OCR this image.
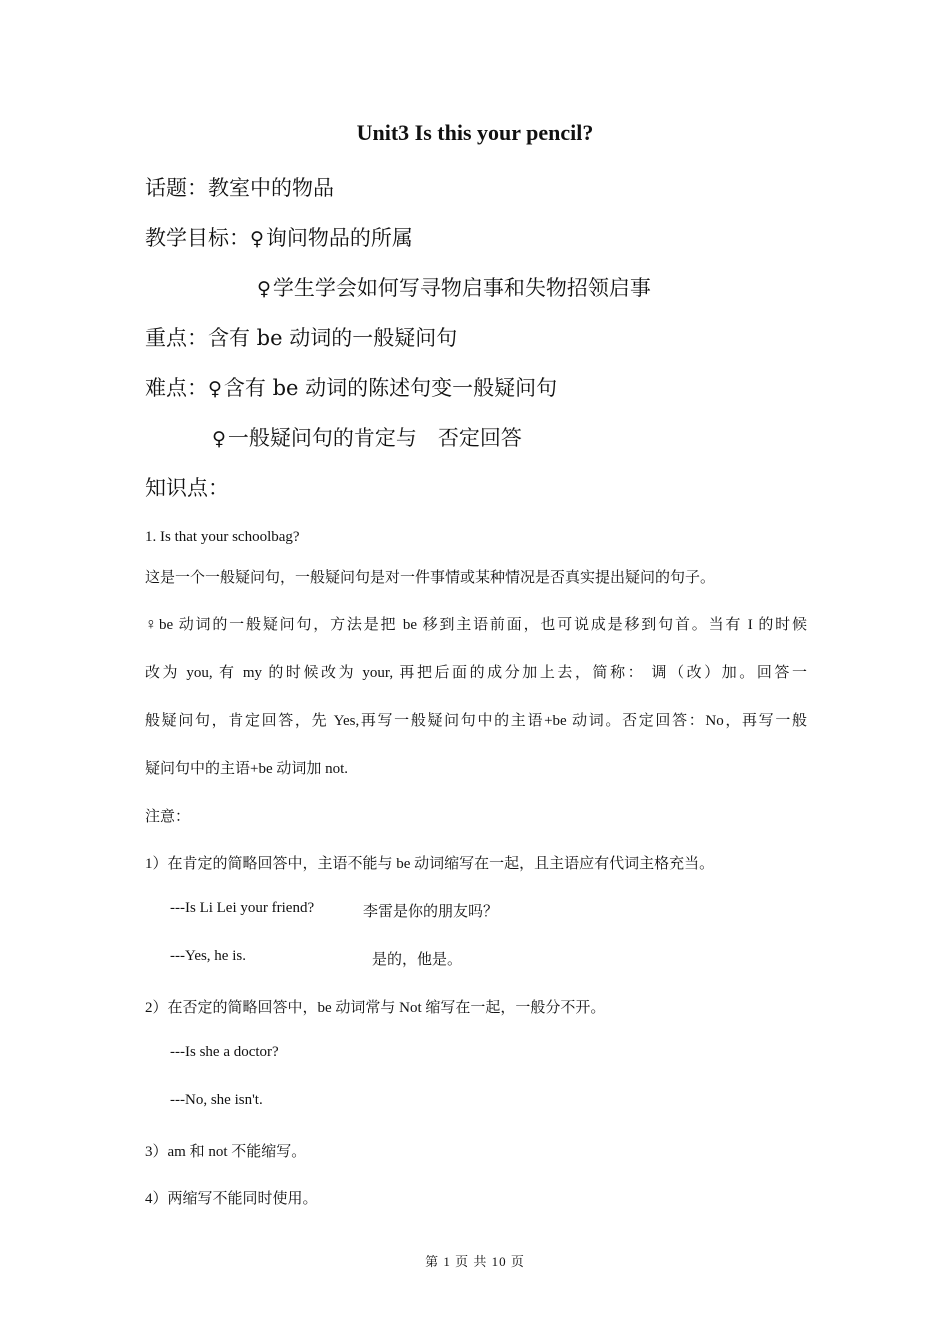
Unit3 Is this your pencil?
话题：教室中的物品
教学目标：♀询问物品的所属
♀学生学会如何写寻物启事和失物招领启事
重点：含有 be 动词的一般疑问句
难点：♀含有 be 动词的陈述句变一般疑问句
♀一般疑问句的肯定与　否定回答
知识点：
1. Is that your schoolbag?
这是一个一般疑问句，一般疑问句是对一件事情或某种情况是否真实提出疑问的句子。
♀ be 动词的一般疑问句，方法是把 be 移到主语前面，也可说成是移到句首。当有 I 的时候
改为 you, 有 my 的时候改为 your, 再把后面的成分加上去，简称： 调（改）加。回答一
般疑问句，肯定回答，先 Yes,再写一般疑问句中的主语+be 动词。否定回答：No，再写一般
疑问句中的主语+be 动词加 not.
注意：
1）在肯定的简略回答中，主语不能与 be 动词缩写在一起，且主语应有代词主格充当。
---Is Li Lei your friend?	李雷是你的朋友吗？
---Yes, he is.	是的，他是。
2）在否定的简略回答中，be 动词常与 Not 缩写在一起，一般分不开。
---Is she a doctor?
---No, she isn't.
3）am 和 not 不能缩写。
4）两缩写不能同时使用。
第 1 页 共 10 页
